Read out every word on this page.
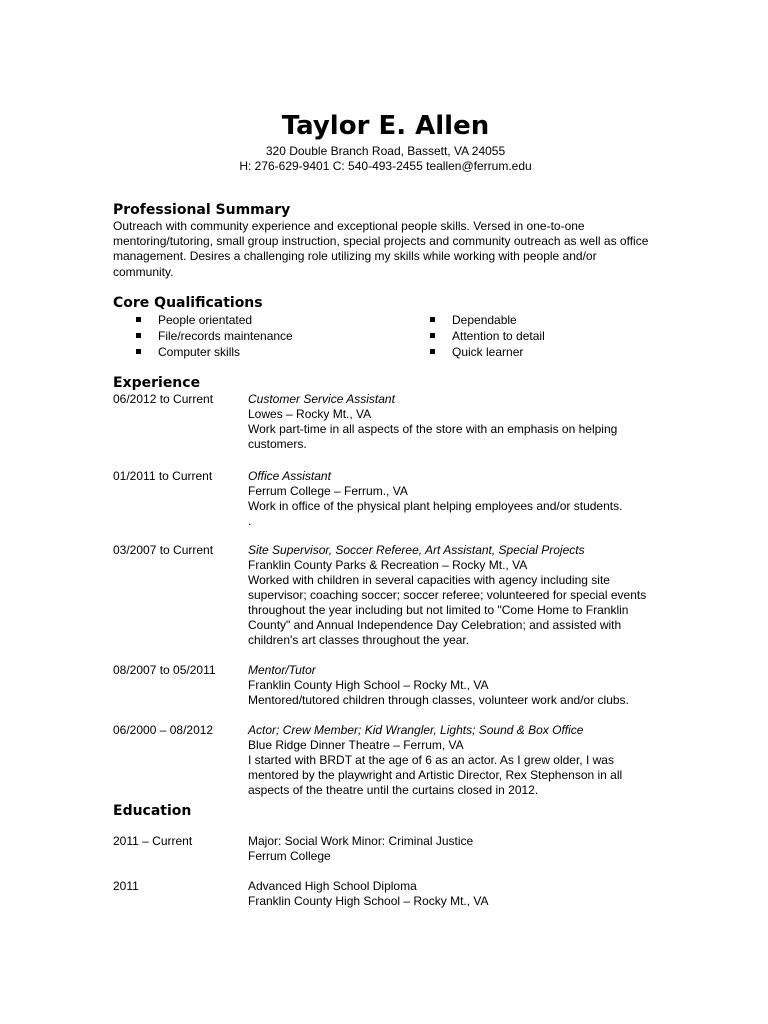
Taylor E. Allen
320 Double Branch Road, Bassett, VA 24055
H: 276-629-9401 C: 540-493-2455 teallen@ferrum.edu
Professional Summary
Outreach with community experience and exceptional people skills. Versed in one-to-one mentoring/tutoring, small group instruction, special projects and community outreach as well as office management. Desires a challenging role utilizing my skills while working with people and/or community.
Core Qualifications
People orientated
File/records maintenance
Computer skills
Dependable
Attention to detail
Quick learner
Experience
06/2012 to Current	Customer Service Assistant
Lowes – Rocky Mt., VA
Work part-time in all aspects of the store with an emphasis on helping customers.
01/2011 to Current	Office Assistant
Ferrum College – Ferrum., VA
Work in office of the physical plant helping employees and/or students.
.
03/2007 to Current	Site Supervisor, Soccer Referee, Art Assistant, Special Projects
Franklin County Parks & Recreation – Rocky Mt., VA
Worked with children in several capacities with agency including site supervisor; coaching soccer; soccer referee; volunteered for special events throughout the year including but not limited to "Come Home to Franklin County" and Annual Independence Day Celebration; and assisted with children's art classes throughout the year.
08/2007 to 05/2011	Mentor/Tutor
Franklin County High School – Rocky Mt., VA
Mentored/tutored children through classes, volunteer work and/or clubs.
06/2000 – 08/2012	Actor; Crew Member; Kid Wrangler, Lights; Sound & Box Office
Blue Ridge Dinner Theatre – Ferrum, VA
I started with BRDT at the age of 6 as an actor. As I grew older, I was mentored by the playwright and Artistic Director, Rex Stephenson in all aspects of the theatre until the curtains closed in 2012.
Education
2011 – Current	Major: Social Work Minor: Criminal Justice
Ferrum College
2011	Advanced High School Diploma
Franklin County High School – Rocky Mt., VA
